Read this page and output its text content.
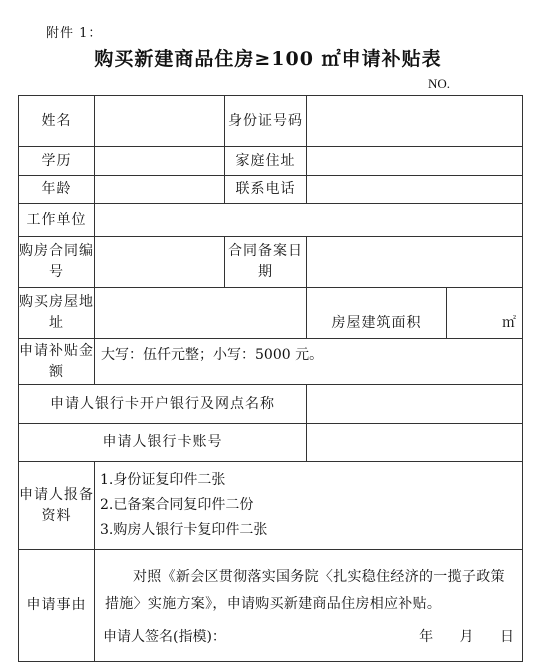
附件 1：
购买新建商品住房≥100 ㎡申请补贴表
NO.
姓名		身份证号码		
学历		家庭住址		
年龄		联系电话		
工作单位				
购房合同编号		合同备案日期		
购买房屋地址			房屋建筑面积	㎡
申请补贴金额	大写：伍仟元整；小写：5000 元。			
申请人银行卡开户银行及网点名称				
申请人银行卡账号				
申请人报备资料	1.身份证复印件二张
2.已备案合同复印件二份
3.购房人银行卡复印件二张			

申请事由	对照《新会区贯彻落实国务院〈扎实稳住经济的一揽子政策措施〉实施方案》，申请购买新建商品住房相应补贴。
申请人签名(指模)： 年 月 日			
